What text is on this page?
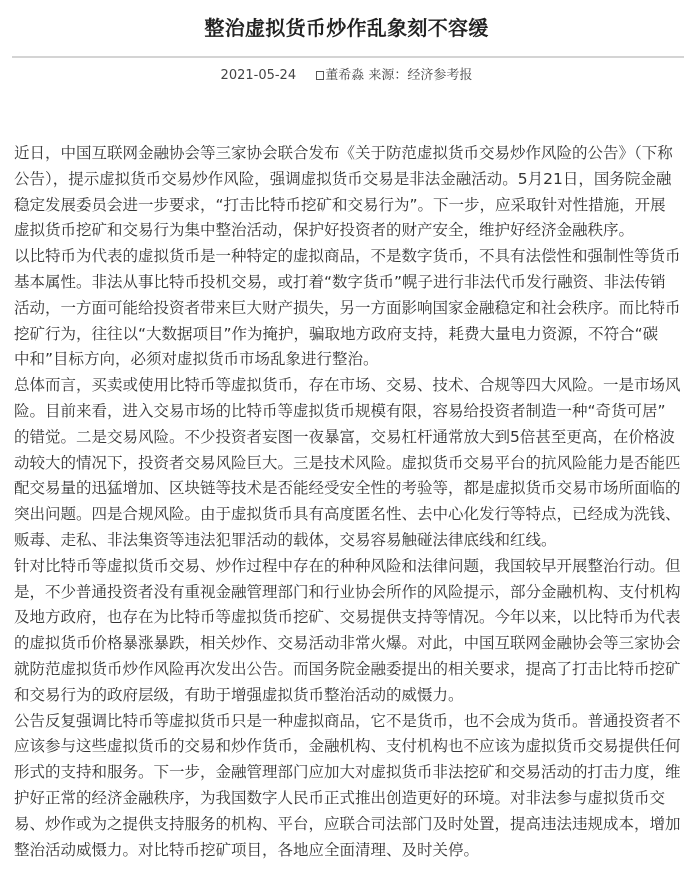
整治虚拟货币炒作乱象刻不容缓
2021-05-24 董希淼 来源：经济参考报

近日，中国互联网金融协会等三家协会联合发布《关于防范虚拟货币交易炒作风险的公告》（下称
公告），提示虚拟货币交易炒作风险，强调虚拟货币交易是非法金融活动。5月21日，国务院金融
稳定发展委员会进一步要求，“打击比特币挖矿和交易行为”。下一步，应采取针对性措施，开展
虚拟货币挖矿和交易行为集中整治活动，保护好投资者的财产安全，维护好经济金融秩序。

以比特币为代表的虚拟货币是一种特定的虚拟商品，不是数字货币，不具有法偿性和强制性等货币
基本属性。非法从事比特币投机交易，或打着“数字货币”幌子进行非法代币发行融资、非法传销
活动，一方面可能给投资者带来巨大财产损失，另一方面影响国家金融稳定和社会秩序。而比特币
挖矿行为，往往以“大数据项目”作为掩护，骗取地方政府支持，耗费大量电力资源，不符合“碳
中和”目标方向，必须对虚拟货币市场乱象进行整治。

总体而言，买卖或使用比特币等虚拟货币，存在市场、交易、技术、合规等四大风险。一是市场风
险。目前来看，进入交易市场的比特币等虚拟货币规模有限，容易给投资者制造一种“奇货可居”
的错觉。二是交易风险。不少投资者妄图一夜暴富，交易杠杆通常放大到5倍甚至更高，在价格波
动较大的情况下，投资者交易风险巨大。三是技术风险。虚拟货币交易平台的抗风险能力是否能匹
配交易量的迅猛增加、区块链等技术是否能经受安全性的考验等，都是虚拟货币交易市场所面临的
突出问题。四是合规风险。由于虚拟货币具有高度匿名性、去中心化发行等特点，已经成为洗钱、
贩毒、走私、非法集资等违法犯罪活动的载体，交易容易触碰法律底线和红线。

针对比特币等虚拟货币交易、炒作过程中存在的种种风险和法律问题，我国较早开展整治行动。但
是，不少普通投资者没有重视金融管理部门和行业协会所作的风险提示，部分金融机构、支付机构
及地方政府，也存在为比特币等虚拟货币挖矿、交易提供支持等情况。今年以来，以比特币为代表
的虚拟货币价格暴涨暴跌，相关炒作、交易活动非常火爆。对此，中国互联网金融协会等三家协会
就防范虚拟货币炒作风险再次发出公告。而国务院金融委提出的相关要求，提高了打击比特币挖矿
和交易行为的政府层级，有助于增强虚拟货币整治活动的威慑力。

公告反复强调比特币等虚拟货币只是一种虚拟商品，它不是货币，也不会成为货币。普通投资者不
应该参与这些虚拟货币的交易和炒作货币，金融机构、支付机构也不应该为虚拟货币交易提供任何
形式的支持和服务。下一步，金融管理部门应加大对虚拟货币非法挖矿和交易活动的打击力度，维
护好正常的经济金融秩序，为我国数字人民币正式推出创造更好的环境。对非法参与虚拟货币交
易、炒作或为之提供支持服务的机构、平台，应联合司法部门及时处置，提高违法违规成本，增加
整治活动威慑力。对比特币挖矿项目，各地应全面清理、及时关停。
